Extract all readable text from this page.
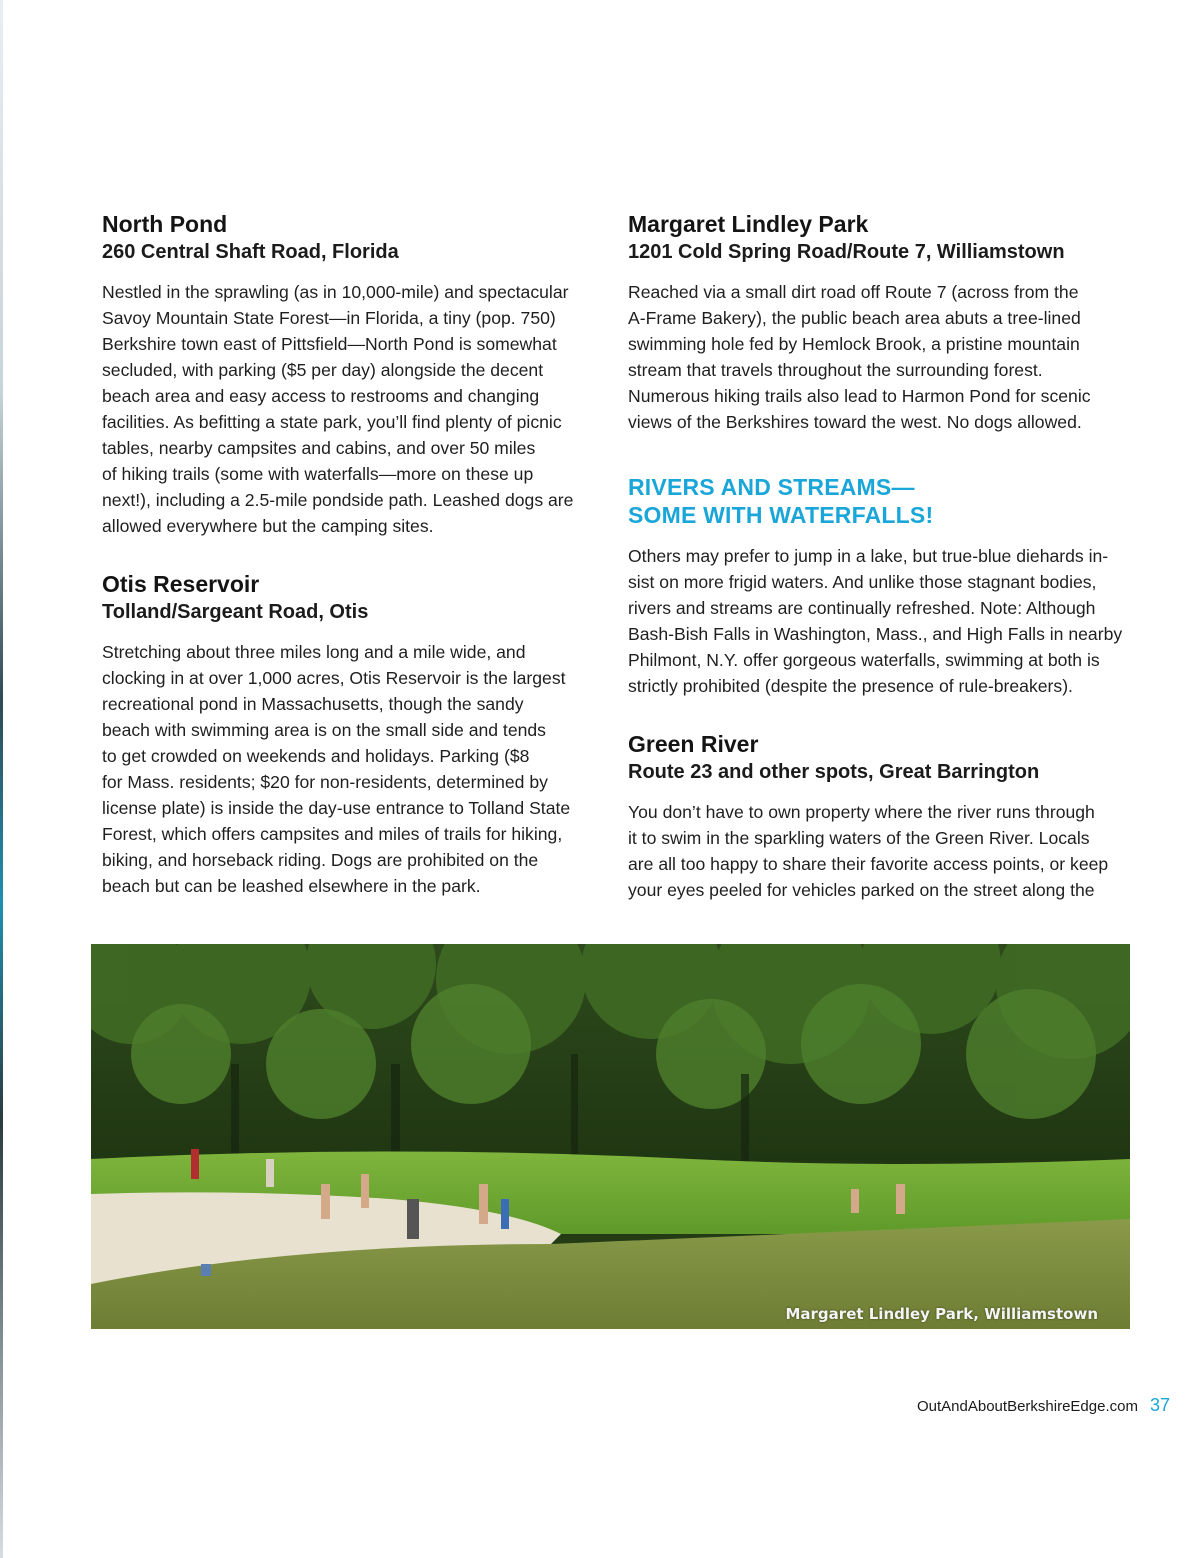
North Pond
260 Central Shaft Road, Florida

Nestled in the sprawling (as in 10,000-mile) and spectacular
Savoy Mountain State Forest—in Florida, a tiny (pop. 750)
Berkshire town east of Pittsfield—North Pond is somewhat
secluded, with parking ($5 per day) alongside the decent
beach area and easy access to restrooms and changing
facilities. As befitting a state park, you’ll find plenty of picnic
tables, nearby campsites and cabins, and over 50 miles
of hiking trails (some with waterfalls—more on these up
next!), including a 2.5-mile pondside path. Leashed dogs are
allowed everywhere but the camping sites.

Otis Reservoir
Tolland/Sargeant Road, Otis

Stretching about three miles long and a mile wide, and
clocking in at over 1,000 acres, Otis Reservoir is the largest
recreational pond in Massachusetts, though the sandy
beach with swimming area is on the small side and tends
to get crowded on weekends and holidays. Parking ($8
for Mass. residents; $20 for non-residents, determined by
license plate) is inside the day-use entrance to Tolland State
Forest, which offers campsites and miles of trails for hiking,
biking, and horseback riding. Dogs are prohibited on the
beach but can be leashed elsewhere in the park.

Margaret Lindley Park
1201 Cold Spring Road/Route 7, Williamstown

Reached via a small dirt road off Route 7 (across from the
A-Frame Bakery), the public beach area abuts a tree-lined
swimming hole fed by Hemlock Brook, a pristine mountain
stream that travels throughout the surrounding forest.
Numerous hiking trails also lead to Harmon Pond for scenic
views of the Berkshires toward the west. No dogs allowed.

RIVERS AND STREAMS—
SOME WITH WATERFALLS!

Others may prefer to jump in a lake, but true-blue diehards in-
sist on more frigid waters. And unlike those stagnant bodies,
rivers and streams are continually refreshed. Note: Although
Bash-Bish Falls in Washington, Mass., and High Falls in nearby
Philmont, N.Y. offer gorgeous waterfalls, swimming at both is
strictly prohibited (despite the presence of rule-breakers).

Green River
Route 23 and other spots, Great Barrington

You don’t have to own property where the river runs through
it to swim in the sparkling waters of the Green River. Locals
are all too happy to share their favorite access points, or keep
your eyes peeled for vehicles parked on the street along the

Margaret Lindley Park, Williamstown
OutAndAboutBerkshireEdge.com 37
